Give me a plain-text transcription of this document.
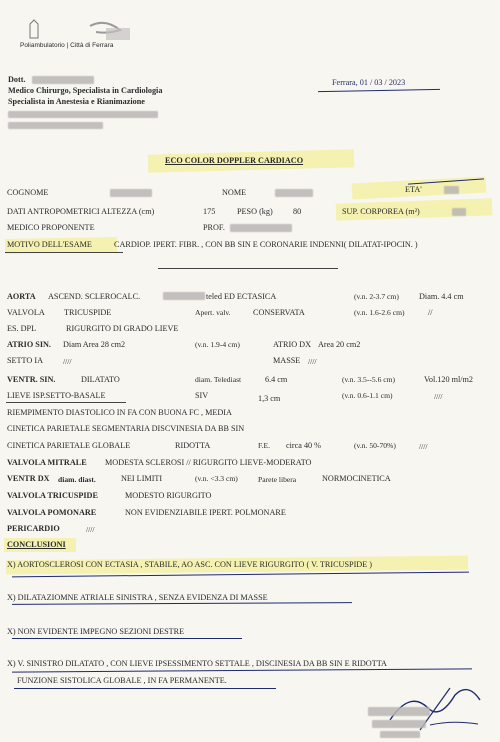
Poliambulatorio | Città di Ferrara
Dott.
Medico Chirurgo, Specialista in Cardiologia
Specialista in Anestesia e Rianimazione
Ferrara, 01 / 03 / 2023
ECO COLOR DOPPLER CARDIACO
COGNOME	NOME	ETA'
DATI ANTROPOMETRICI ALTEZZA (cm)	175	PESO (kg) 80	SUP. CORPOREA (m²)
MEDICO PROPONENTE	PROF.
MOTIVO DELL'ESAME	CARDIOP. IPERT. FIBR. , CON BB SIN E CORONARIE INDENNI( DILATAT-IPOCIN. )
AORTA ASCEND. SCLEROCALC.	teled ED ECTASICA	(v.n. 2-3.7 cm) Diam. 4.4 cm
VALVOLA TRICUSPIDE	Apert. valv.	CONSERVATA	(v.n. 1.6-2.6 cm)	//
ES. DPL	RIGURGITO DI GRADO LIEVE
ATRIO SIN. Diam Area 28 cm2	(v.n. 1.9-4 cm)	ATRIO DX Area 20 cm2
SETTO IA	////	MASSE ////
VENTR. SIN.	DILATATO	diam. Telediast	6.4 cm	(v.n. 3.5--5.6 cm)	Vol.120 ml/m2
LIEVE ISP.SETTO-BASALE	SIV	1,3 cm	(v.n. 0.6-1.1 cm)	////
RIEMPIMENTO DIASTOLICO IN FA CON BUONA FC , MEDIA
CINETICA PARIETALE SEGMENTARIA DISCVINESIA DA BB SIN
CINETICA PARIETALE GLOBALE	RIDOTTA	F.E. circa 40 %	(v.n. 50-70%)	////
VALVOLA MITRALE MODESTA SCLEROSI // RIGURGITO LIEVE-MODERATO
VENTR DX diam. diast.	NEI LIMITI	(v.n. <3.3 cm)	Parete libera	NORMOCINETICA
VALVOLA TRICUSPIDE	MODESTO RIGURGITO
VALVOLA POMONARE	NON EVIDENZIABILE IPERT. POLMONARE
PERICARDIO	////
CONCLUSIONI
X) AORTOSCLEROSI CON ECTASIA , STABILE, AO ASC. CON LIEVE RIGURGITO ( V. TRICUSPIDE )
X) DILATAZIOMNE ATRIALE SINISTRA , SENZA EVIDENZA DI MASSE
X) NON EVIDENTE IMPEGNO SEZIONI DESTRE
X) V. SINISTRO DILATATO , CON LIEVE IPSESSIMENTO SETTALE , DISCINESIA DA BB SIN E RIDOTTA
FUNZIONE SISTOLICA GLOBALE , IN FA PERMANENTE.
